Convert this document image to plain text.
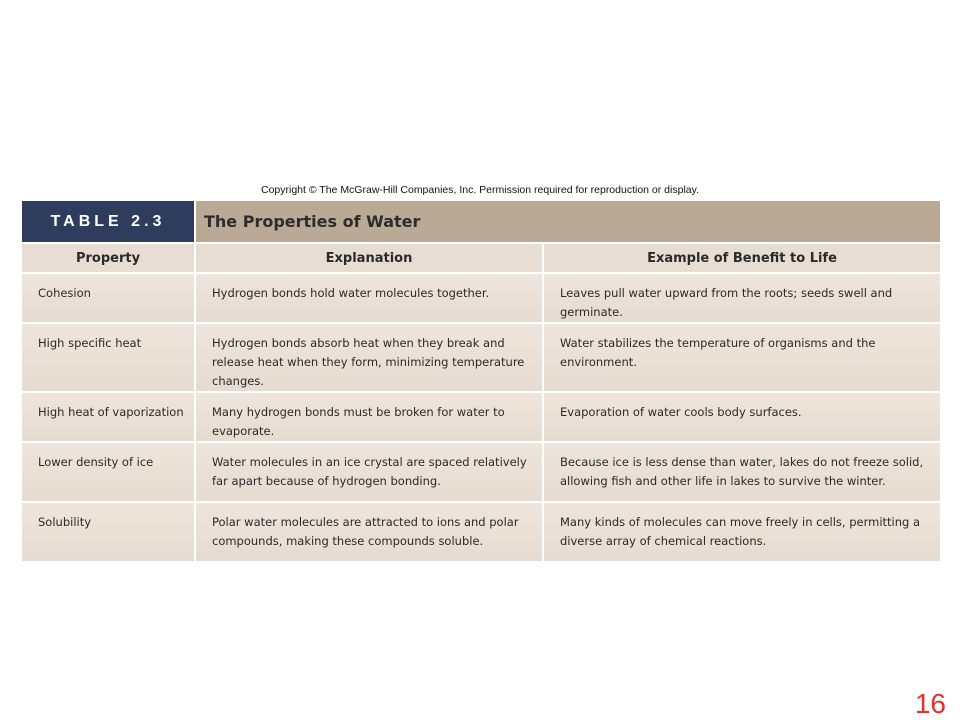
Copyright © The McGraw-Hill Companies, Inc. Permission required for reproduction or display.
TABLE 2.3	The Properties of Water
Property	Explanation	Example of Benefit to Life
Cohesion	Hydrogen bonds hold water molecules together.	Leaves pull water upward from the roots; seeds swell and germinate.
High specific heat	Hydrogen bonds absorb heat when they break and release heat when they form, minimizing temperature changes.	Water stabilizes the temperature of organisms and the environment.
High heat of vaporization	Many hydrogen bonds must be broken for water to evaporate.	Evaporation of water cools body surfaces.
Lower density of ice	Water molecules in an ice crystal are spaced relatively far apart because of hydrogen bonding.	Because ice is less dense than water, lakes do not freeze solid, allowing fish and other life in lakes to survive the winter.
Solubility	Polar water molecules are attracted to ions and polar compounds, making these compounds soluble.	Many kinds of molecules can move freely in cells, permitting a diverse array of chemical reactions.
16
